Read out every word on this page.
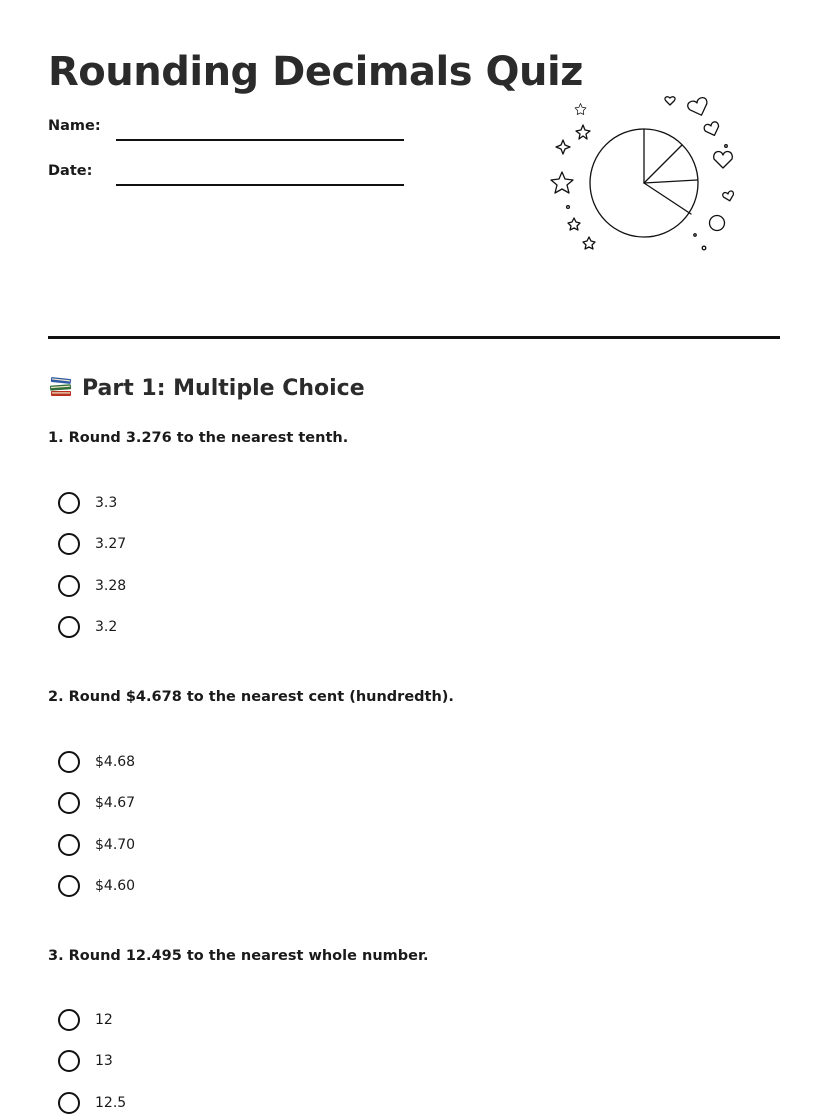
Rounding Decimals Quiz
Name:
Date:
Part 1: Multiple Choice
1. Round 3.276 to the nearest tenth.
3.3
3.27
3.28
3.2
2. Round $4.678 to the nearest cent (hundredth).
$4.68
$4.67
$4.70
$4.60
3. Round 12.495 to the nearest whole number.
12
13
12.5
